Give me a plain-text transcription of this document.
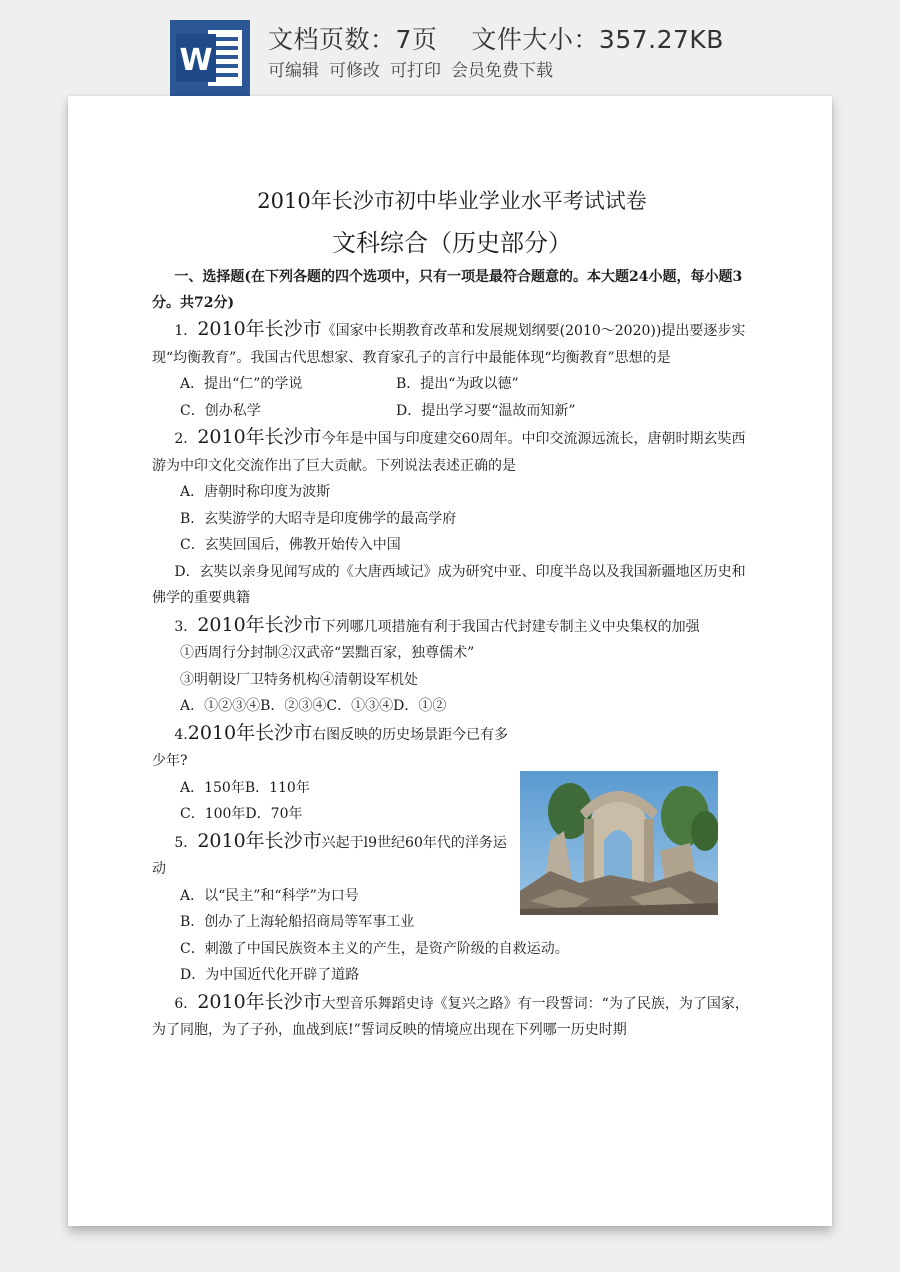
W
文档页数：7页 文件大小：357.27KB
可编辑 可修改 可打印 会员免费下载
2010年长沙市初中毕业学业水平考试试卷
文科综合（历史部分）
一、选择题(在下列各题的四个选项中，只有一项是最符合题意的。本大题24小题，每小题3分。共72分)
1．2010年长沙市《国家中长期教育改革和发展规划纲要(2010～2020))提出要逐步实现“均衡教育”。我国古代思想家、教育家孔子的言行中最能体现“均衡教育”思想的是
A．提出“仁”的学说	B．提出“为政以德”
C．创办私学	D．提出学习要“温故而知新”
2．2010年长沙市今年是中国与印度建交60周年。中印交流源远流长，唐朝时期玄奘西游为中印文化交流作出了巨大贡献。下列说法表述正确的是
A．唐朝时称印度为波斯
B．玄奘游学的大昭寺是印度佛学的最高学府
C．玄奘回国后，佛教开始传入中国
D．玄奘以亲身见闻写成的《大唐西域记》成为研究中亚、印度半岛以及我国新疆地区历史和佛学的重要典籍
3．2010年长沙市下列哪几项措施有利于我国古代封建专制主义中央集权的加强
①西周行分封制②汉武帝“罢黜百家，独尊儒术”
③明朝设厂卫特务机构④清朝设军机处
A．①②③④B．②③④C．①③④D．①②
4.2010年长沙市右图反映的历史场景距今已有多少年?
A．150年B．110年
C．100年D．70年
5．2010年长沙市兴起于l9世纪60年代的洋务运动
A．以“民主”和“科学”为口号
B．创办了上海轮船招商局等军事工业
C．刺激了中国民族资本主义的产生，是资产阶级的自救运动。
D．为中国近代化开辟了道路
6．2010年长沙市大型音乐舞蹈史诗《复兴之路》有一段誓词：“为了民族，为了国家，为了同胞，为了子孙，血战到底!”誓词反映的情境应出现在下列哪一历史时期
